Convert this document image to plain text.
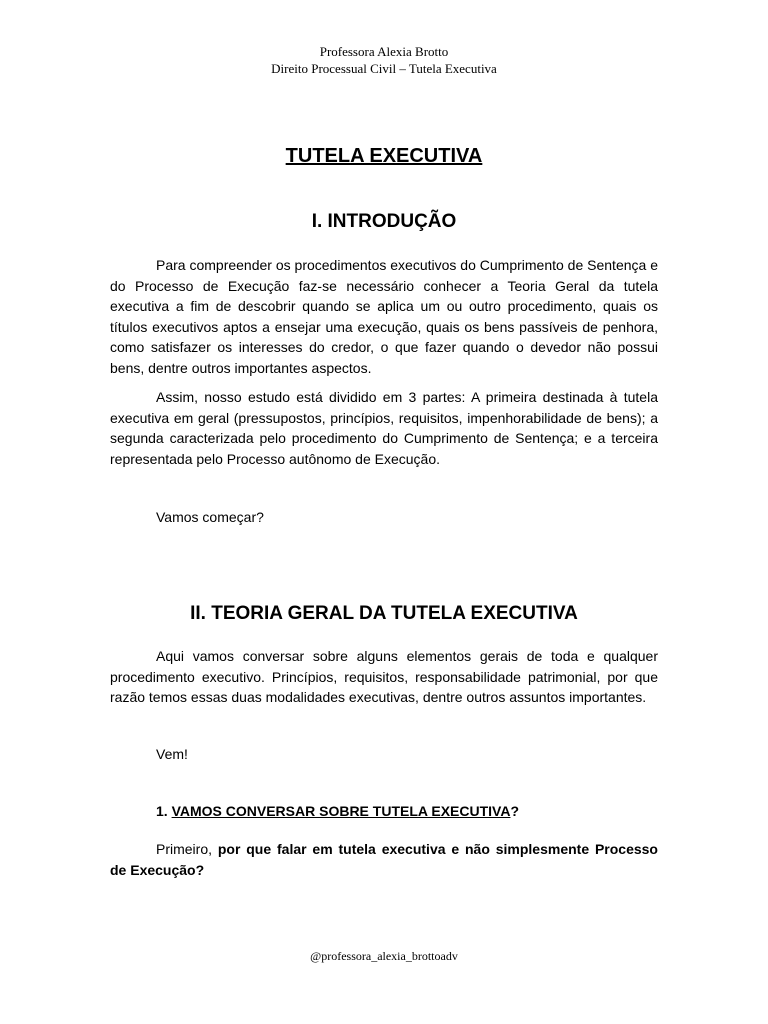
Professora Alexia Brotto
Direito Processual Civil – Tutela Executiva
TUTELA EXECUTIVA
I. INTRODUÇÃO

Para compreender os procedimentos executivos do Cumprimento de Sentença e do Processo de Execução faz-se necessário conhecer a Teoria Geral da tutela executiva a fim de descobrir quando se aplica um ou outro procedimento, quais os títulos executivos aptos a ensejar uma execução, quais os bens passíveis de penhora, como satisfazer os interesses do credor, o que fazer quando o devedor não possui bens, dentre outros importantes aspectos.

Assim, nosso estudo está dividido em 3 partes: A primeira destinada à tutela executiva em geral (pressupostos, princípios, requisitos, impenhorabilidade de bens); a segunda caracterizada pelo procedimento do Cumprimento de Sentença; e a terceira representada pelo Processo autônomo de Execução.

Vamos começar?
II. TEORIA GERAL DA TUTELA EXECUTIVA

Aqui vamos conversar sobre alguns elementos gerais de toda e qualquer procedimento executivo. Princípios, requisitos, responsabilidade patrimonial, por que razão temos essas duas modalidades executivas, dentre outros assuntos importantes.

Vem!
1. VAMOS CONVERSAR SOBRE TUTELA EXECUTIVA?

Primeiro, por que falar em tutela executiva e não simplesmente Processo de Execução?

@professora_alexia_brottoadv
